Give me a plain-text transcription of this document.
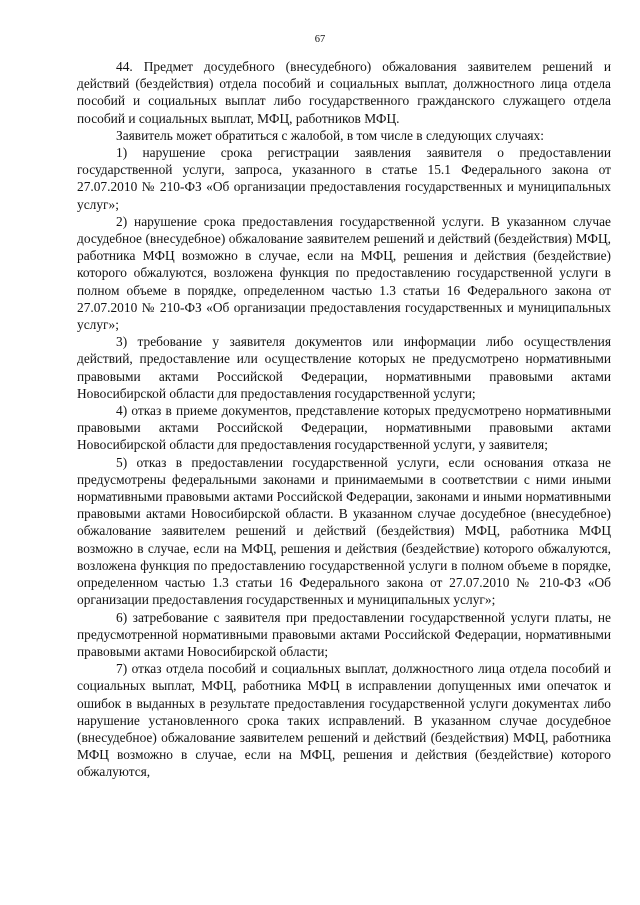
67

44. Предмет досудебного (внесудебного) обжалования заявителем решений и действий (бездействия) отдела пособий и социальных выплат, должностного лица отдела пособий и социальных выплат либо государственного гражданского служащего отдела пособий и социальных выплат, МФЦ, работников МФЦ.

Заявитель может обратиться с жалобой, в том числе в следующих случаях:

1) нарушение срока регистрации заявления заявителя о предоставлении государственной услуги, запроса, указанного в статье 15.1 Федерального закона от 27.07.2010 № 210-ФЗ «Об организации предоставления государственных и муниципальных услуг»;

2) нарушение срока предоставления государственной услуги. В указанном случае досудебное (внесудебное) обжалование заявителем решений и действий (бездействия) МФЦ, работника МФЦ возможно в случае, если на МФЦ, решения и действия (бездействие) которого обжалуются, возложена функция по предоставлению государственной услуги в полном объеме в порядке, определенном частью 1.3 статьи 16 Федерального закона от 27.07.2010 № 210-ФЗ «Об организации предоставления государственных и муниципальных услуг»;

3) требование у заявителя документов или информации либо осуществления действий, предоставление или осуществление которых не предусмотрено нормативными правовыми актами Российской Федерации, нормативными правовыми актами Новосибирской области для предоставления государственной услуги;

4) отказ в приеме документов, представление которых предусмотрено нормативными правовыми актами Российской Федерации, нормативными правовыми актами Новосибирской области для предоставления государственной услуги, у заявителя;

5) отказ в предоставлении государственной услуги, если основания отказа не предусмотрены федеральными законами и принимаемыми в соответствии с ними иными нормативными правовыми актами Российской Федерации, законами и иными нормативными правовыми актами Новосибирской области. В указанном случае досудебное (внесудебное) обжалование заявителем решений и действий (бездействия) МФЦ, работника МФЦ возможно в случае, если на МФЦ, решения и действия (бездействие) которого обжалуются, возложена функция по предоставлению государственной услуги в полном объеме в порядке, определенном частью 1.3 статьи 16 Федерального закона от 27.07.2010 № 210-ФЗ «Об организации предоставления государственных и муниципальных услуг»;

6) затребование с заявителя при предоставлении государственной услуги платы, не предусмотренной нормативными правовыми актами Российской Федерации, нормативными правовыми актами Новосибирской области;

7) отказ отдела пособий и социальных выплат, должностного лица отдела пособий и социальных выплат, МФЦ, работника МФЦ в исправлении допущенных ими опечаток и ошибок в выданных в результате предоставления государственной услуги документах либо нарушение установленного срока таких исправлений. В указанном случае досудебное (внесудебное) обжалование заявителем решений и действий (бездействия) МФЦ, работника МФЦ возможно в случае, если на МФЦ, решения и действия (бездействие) которого обжалуются,
